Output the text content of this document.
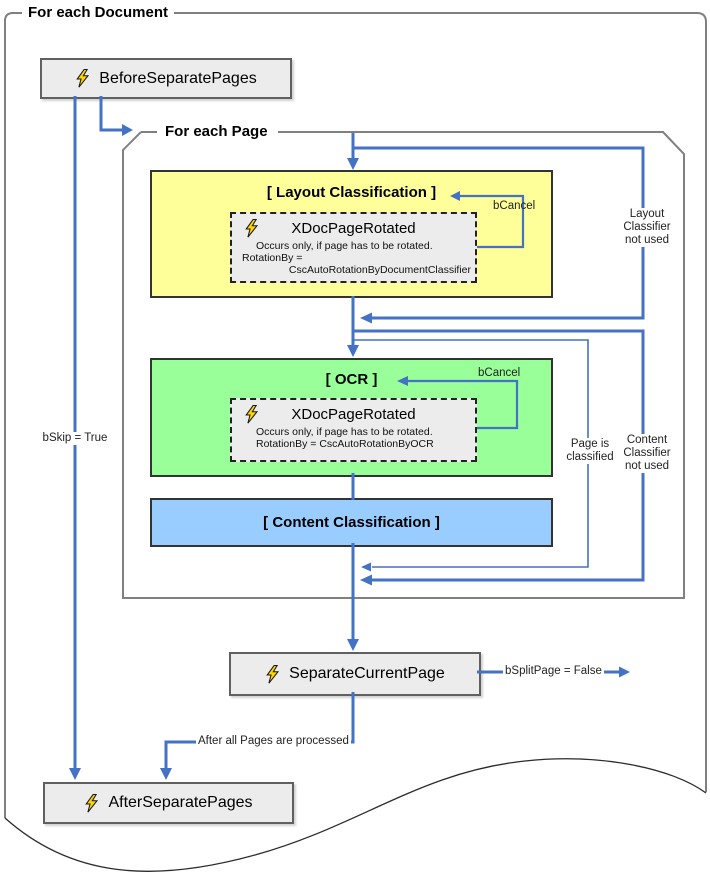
[ Layout Classification ]
XDocPageRotated
Occurs only, if page has to be rotated.
RotationBy =
CscAutoRotationByDocumentClassifier
[ OCR ]
XDocPageRotated
Occurs only, if page has to be rotated.
RotationBy = CscAutoRotationByOCR
[ Content Classification ]
BeforeSeparatePages
SeparateCurrentPage
AfterSeparatePages
For each Document
For each Page
bSkip = True
bCancel
bCancel
Layout
Classifier
not used
Page is
classified
Content
Classifier
not used
bSplitPage = False
After all Pages are processed
